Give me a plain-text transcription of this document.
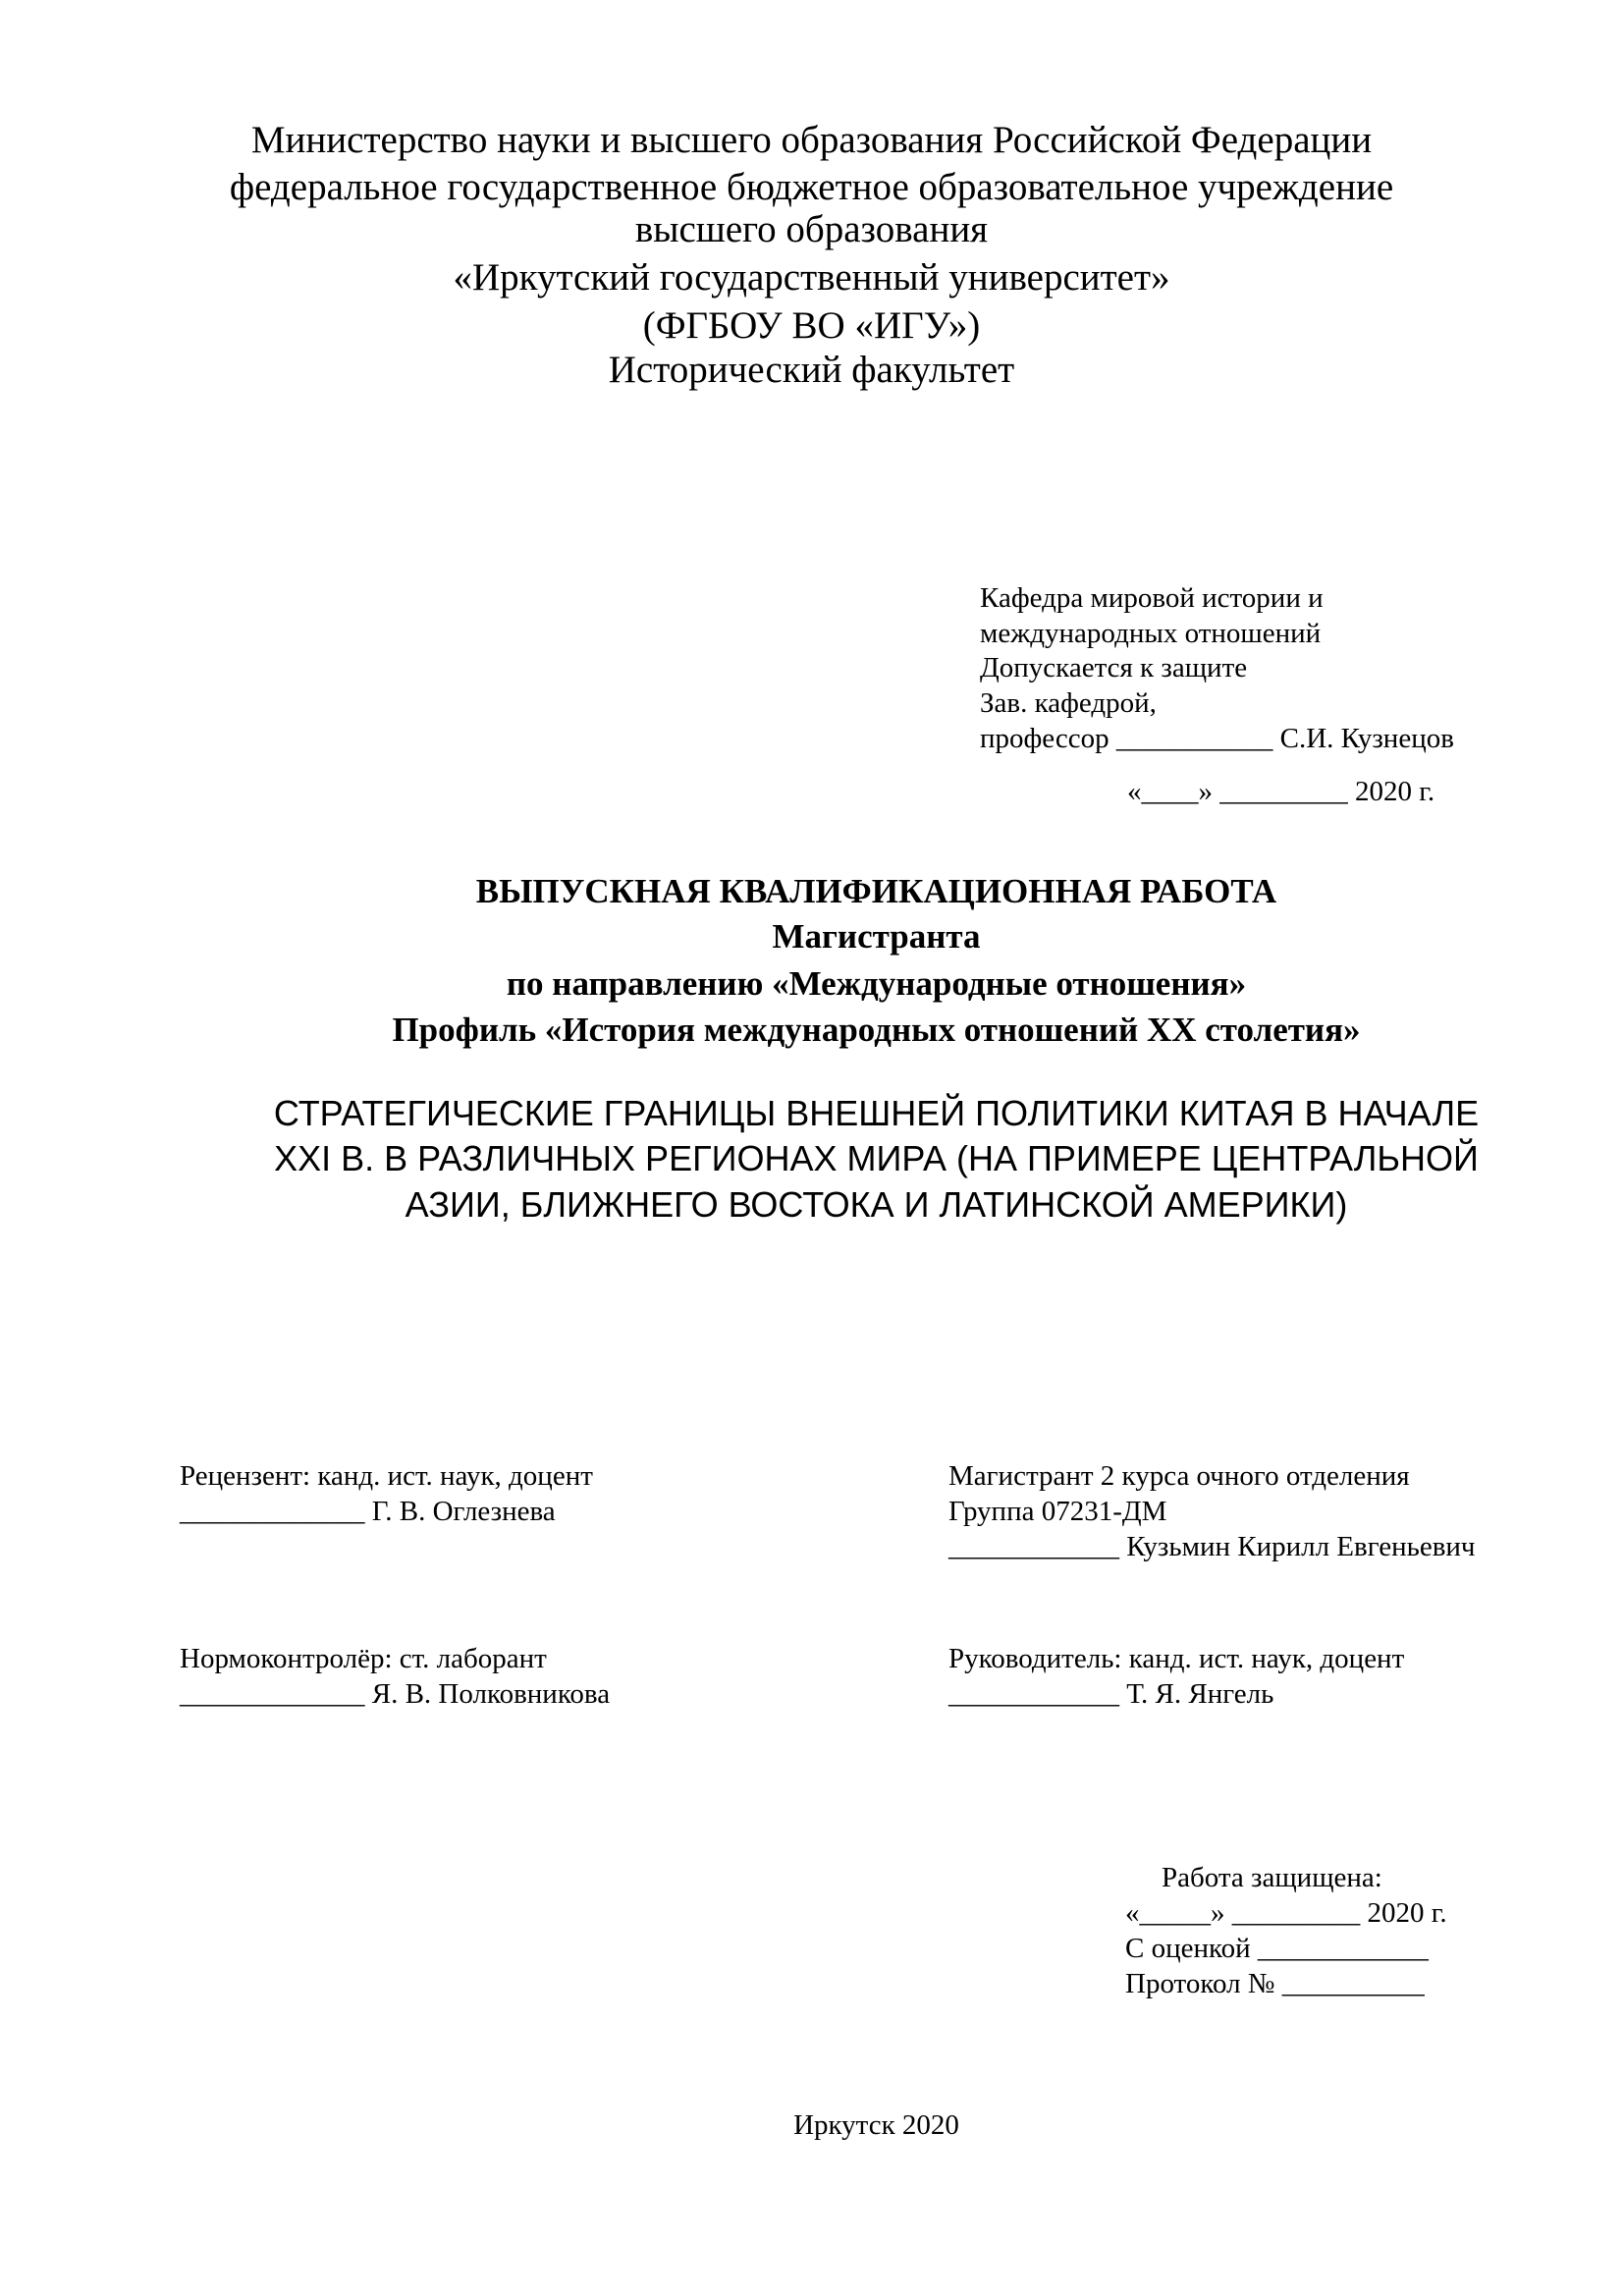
Министерство науки и высшего образования Российской Федерации
федеральное государственное бюджетное образовательное учреждение
высшего образования
«Иркутский государственный университет»
(ФГБОУ ВО «ИГУ»)
Исторический факультет
Кафедра мировой истории и
международных отношений
Допускается к защите
Зав. кафедрой,
профессор ___________ С.И. Кузнецов
«____» _________ 2020 г.
ВЫПУСКНАЯ КВАЛИФИКАЦИОННАЯ РАБОТА
Магистранта
по направлению «Международные отношения»
Профиль «История международных отношений XX столетия»
СТРАТЕГИЧЕСКИЕ ГРАНИЦЫ ВНЕШНЕЙ ПОЛИТИКИ КИТАЯ В НАЧАЛЕ
XXI В. В РАЗЛИЧНЫХ РЕГИОНАХ МИРА (НА ПРИМЕРЕ ЦЕНТРАЛЬНОЙ
АЗИИ, БЛИЖНЕГО ВОСТОКА И ЛАТИНСКОЙ АМЕРИКИ)
Рецензент: канд. ист. наук, доцент
_____________ Г. В. Оглезнева
Магистрант 2 курса очного отделения
Группа 07231-ДМ
____________ Кузьмин Кирилл Евгеньевич
Нормоконтролёр: ст. лаборант
_____________ Я. В. Полковникова
Руководитель: канд. ист. наук, доцент
____________ Т. Я. Янгель
Работа защищена:
«_____» _________ 2020 г.
С оценкой ____________
Протокол № __________
Иркутск 2020
